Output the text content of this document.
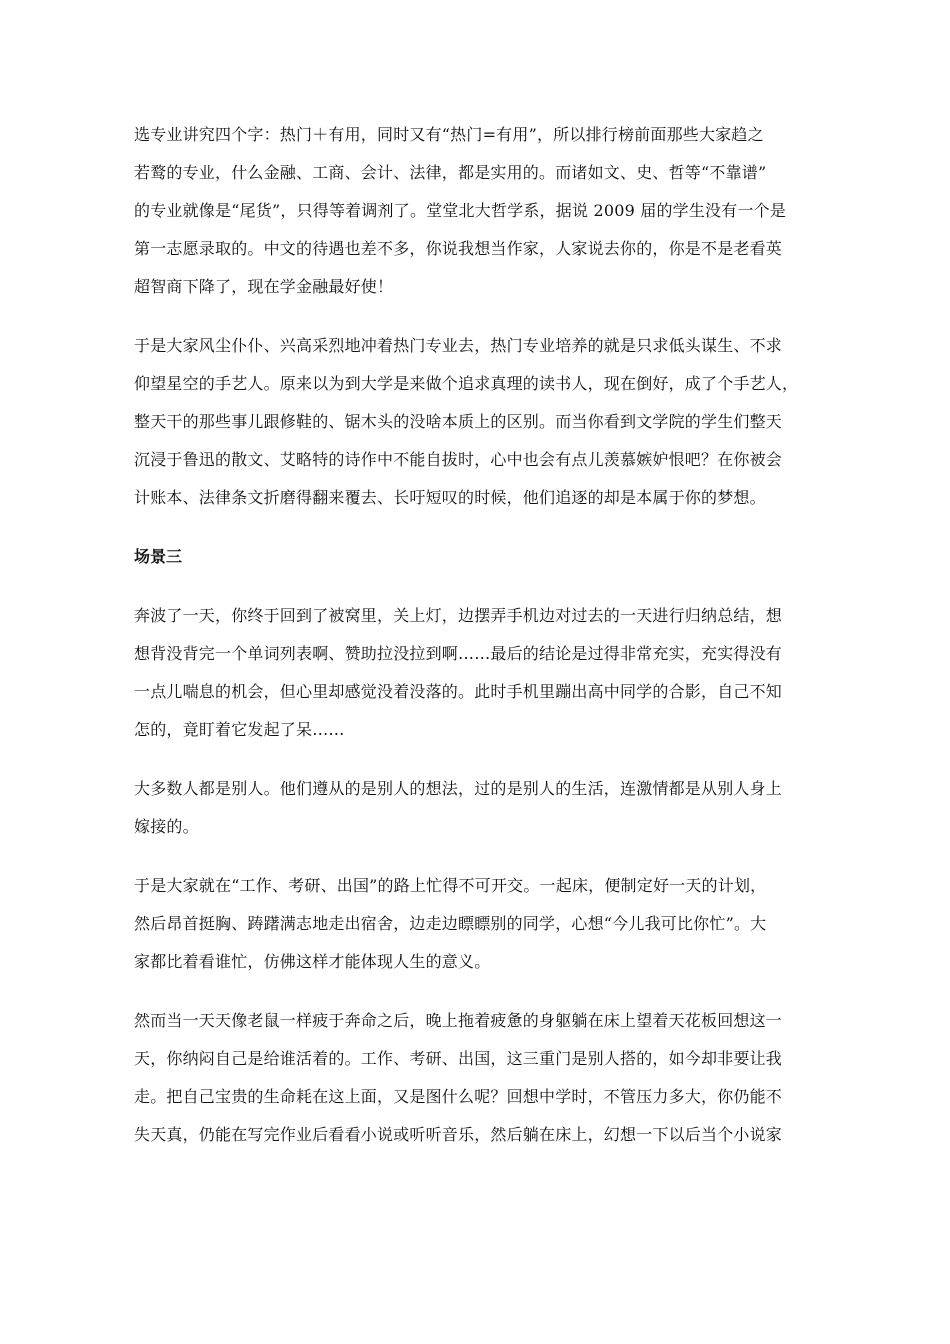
选专业讲究四个字：热门＋有用，同时又有“热门=有用”，所以排行榜前面那些大家趋之
若鹜的专业，什么金融、工商、会计、法律，都是实用的。而诸如文、史、哲等“不靠谱”
的专业就像是“尾货”，只得等着调剂了。堂堂北大哲学系，据说 2009 届的学生没有一个是
第一志愿录取的。中文的待遇也差不多，你说我想当作家，人家说去你的，你是不是老看英
超智商下降了，现在学金融最好使！

于是大家风尘仆仆、兴高采烈地冲着热门专业去，热门专业培养的就是只求低头谋生、不求
仰望星空的手艺人。原来以为到大学是来做个追求真理的读书人，现在倒好，成了个手艺人，
整天干的那些事儿跟修鞋的、锯木头的没啥本质上的区别。而当你看到文学院的学生们整天
沉浸于鲁迅的散文、艾略特的诗作中不能自拔时，心中也会有点儿羡慕嫉妒恨吧？在你被会
计账本、法律条文折磨得翻来覆去、长吁短叹的时候，他们追逐的却是本属于你的梦想。

场景三

奔波了一天，你终于回到了被窝里，关上灯，边摆弄手机边对过去的一天进行归纳总结，想
想背没背完一个单词列表啊、赞助拉没拉到啊……最后的结论是过得非常充实，充实得没有
一点儿喘息的机会，但心里却感觉没着没落的。此时手机里蹦出高中同学的合影，自己不知
怎的，竟盯着它发起了呆……

大多数人都是别人。他们遵从的是别人的想法，过的是别人的生活，连激情都是从别人身上
嫁接的。

于是大家就在“工作、考研、出国”的路上忙得不可开交。一起床，便制定好一天的计划，
然后昂首挺胸、踌躇满志地走出宿舍，边走边瞟瞟别的同学，心想“今儿我可比你忙”。大
家都比着看谁忙，仿佛这样才能体现人生的意义。

然而当一天天像老鼠一样疲于奔命之后，晚上拖着疲惫的身躯躺在床上望着天花板回想这一
天，你纳闷自己是给谁活着的。工作、考研、出国，这三重门是别人搭的，如今却非要让我
走。把自己宝贵的生命耗在这上面，又是图什么呢？回想中学时，不管压力多大，你仍能不
失天真，仍能在写完作业后看看小说或听听音乐，然后躺在床上，幻想一下以后当个小说家
